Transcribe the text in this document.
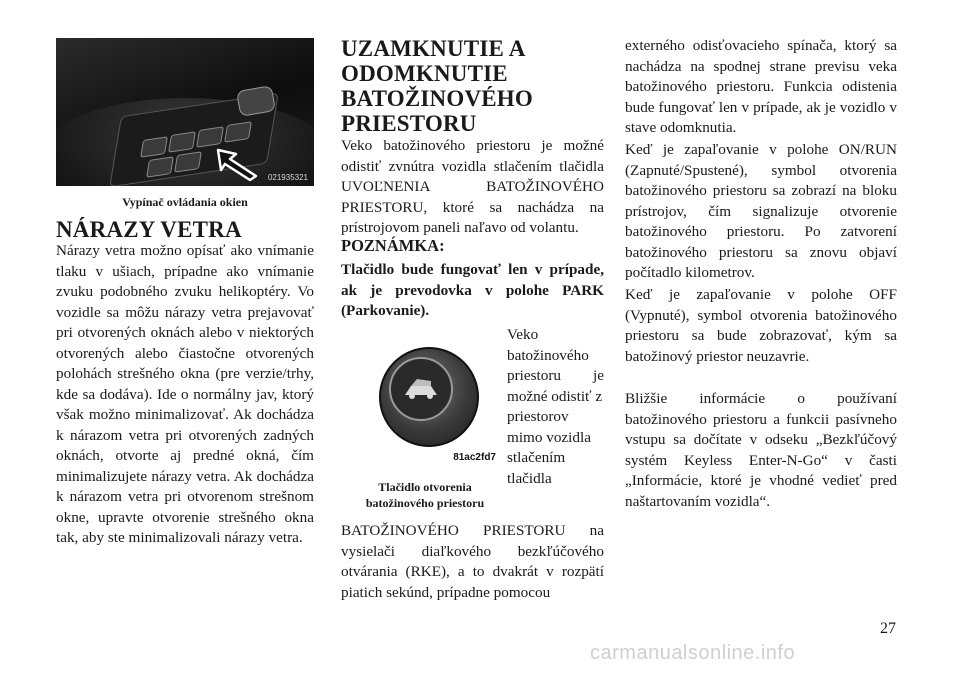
021935321
Vypínač ovládania okien
NÁRAZY VETRA
Nárazy vetra možno opísať ako vnímanie tlaku v ušiach, prípadne ako vnímanie zvuku podobného zvuku helikoptéry. Vo vozidle sa môžu nárazy vetra prejavovať pri otvorených oknách alebo v niektorých otvorených alebo čiastočne otvorených polohách strešného okna (pre verzie/trhy, kde sa dodáva). Ide o normálny jav, ktorý však možno minimalizovať. Ak dochádza k nárazom vetra pri otvorených zadných oknách, otvorte aj predné okná, čím minimalizujete nárazy vetra. Ak dochádza k nárazom vetra pri otvorenom strešnom okne, upravte otvorenie strešného okna tak, aby ste minimalizovali nárazy vetra.
UZAMKNUTIE A
ODOMKNUTIE
BATOŽINOVÉHO
PRIESTORU
Veko batožinového priestoru je možné odistiť zvnútra vozidla stlačením tlačidla UVOĽNENIA BATOŽINOVÉHO PRIESTORU, ktoré sa nachádza na prístrojovom paneli naľavo od volantu.
POZNÁMKA:
Tlačidlo bude fungovať len v prípade, ak je prevodovka v polohe PARK (Parkovanie).
81ac2fd7
Veko
batožinového
priestoru je
možné odistiť z
priestorov
mimo vozidla
stlačením
tlačidla
Tlačidlo otvorenia
batožinového priestoru
BATOŽINOVÉHO PRIESTORU na vysielači diaľkového bezkľúčového otvárania (RKE), a to dvakrát v rozpätí piatich sekúnd, prípadne pomocou
externého odisťovacieho spínača, ktorý sa nachádza na spodnej strane previsu veka batožinového priestoru. Funkcia odistenia bude fungovať len v prípade, ak je vozidlo v stave odomknutia.
Keď je zapaľovanie v polohe ON/RUN (Zapnuté/Spustené), symbol otvorenia batožinového priestoru sa zobrazí na bloku prístrojov, čím signalizuje otvorenie batožinového priestoru. Po zatvorení batožinového priestoru sa znovu objaví počítadlo kilometrov.
Keď je zapaľovanie v polohe OFF (Vypnuté), symbol otvorenia batožinového priestoru sa bude zobrazovať, kým sa batožinový priestor neuzavrie.
Bližšie informácie o používaní batožinového priestoru a funkcii pasívneho vstupu sa dočítate v odseku „Bezkľúčový systém Keyless Enter-N-Go“ v časti „Informácie, ktoré je vhodné vedieť pred naštartovaním vozidla“.
27
carmanualsonline.info
